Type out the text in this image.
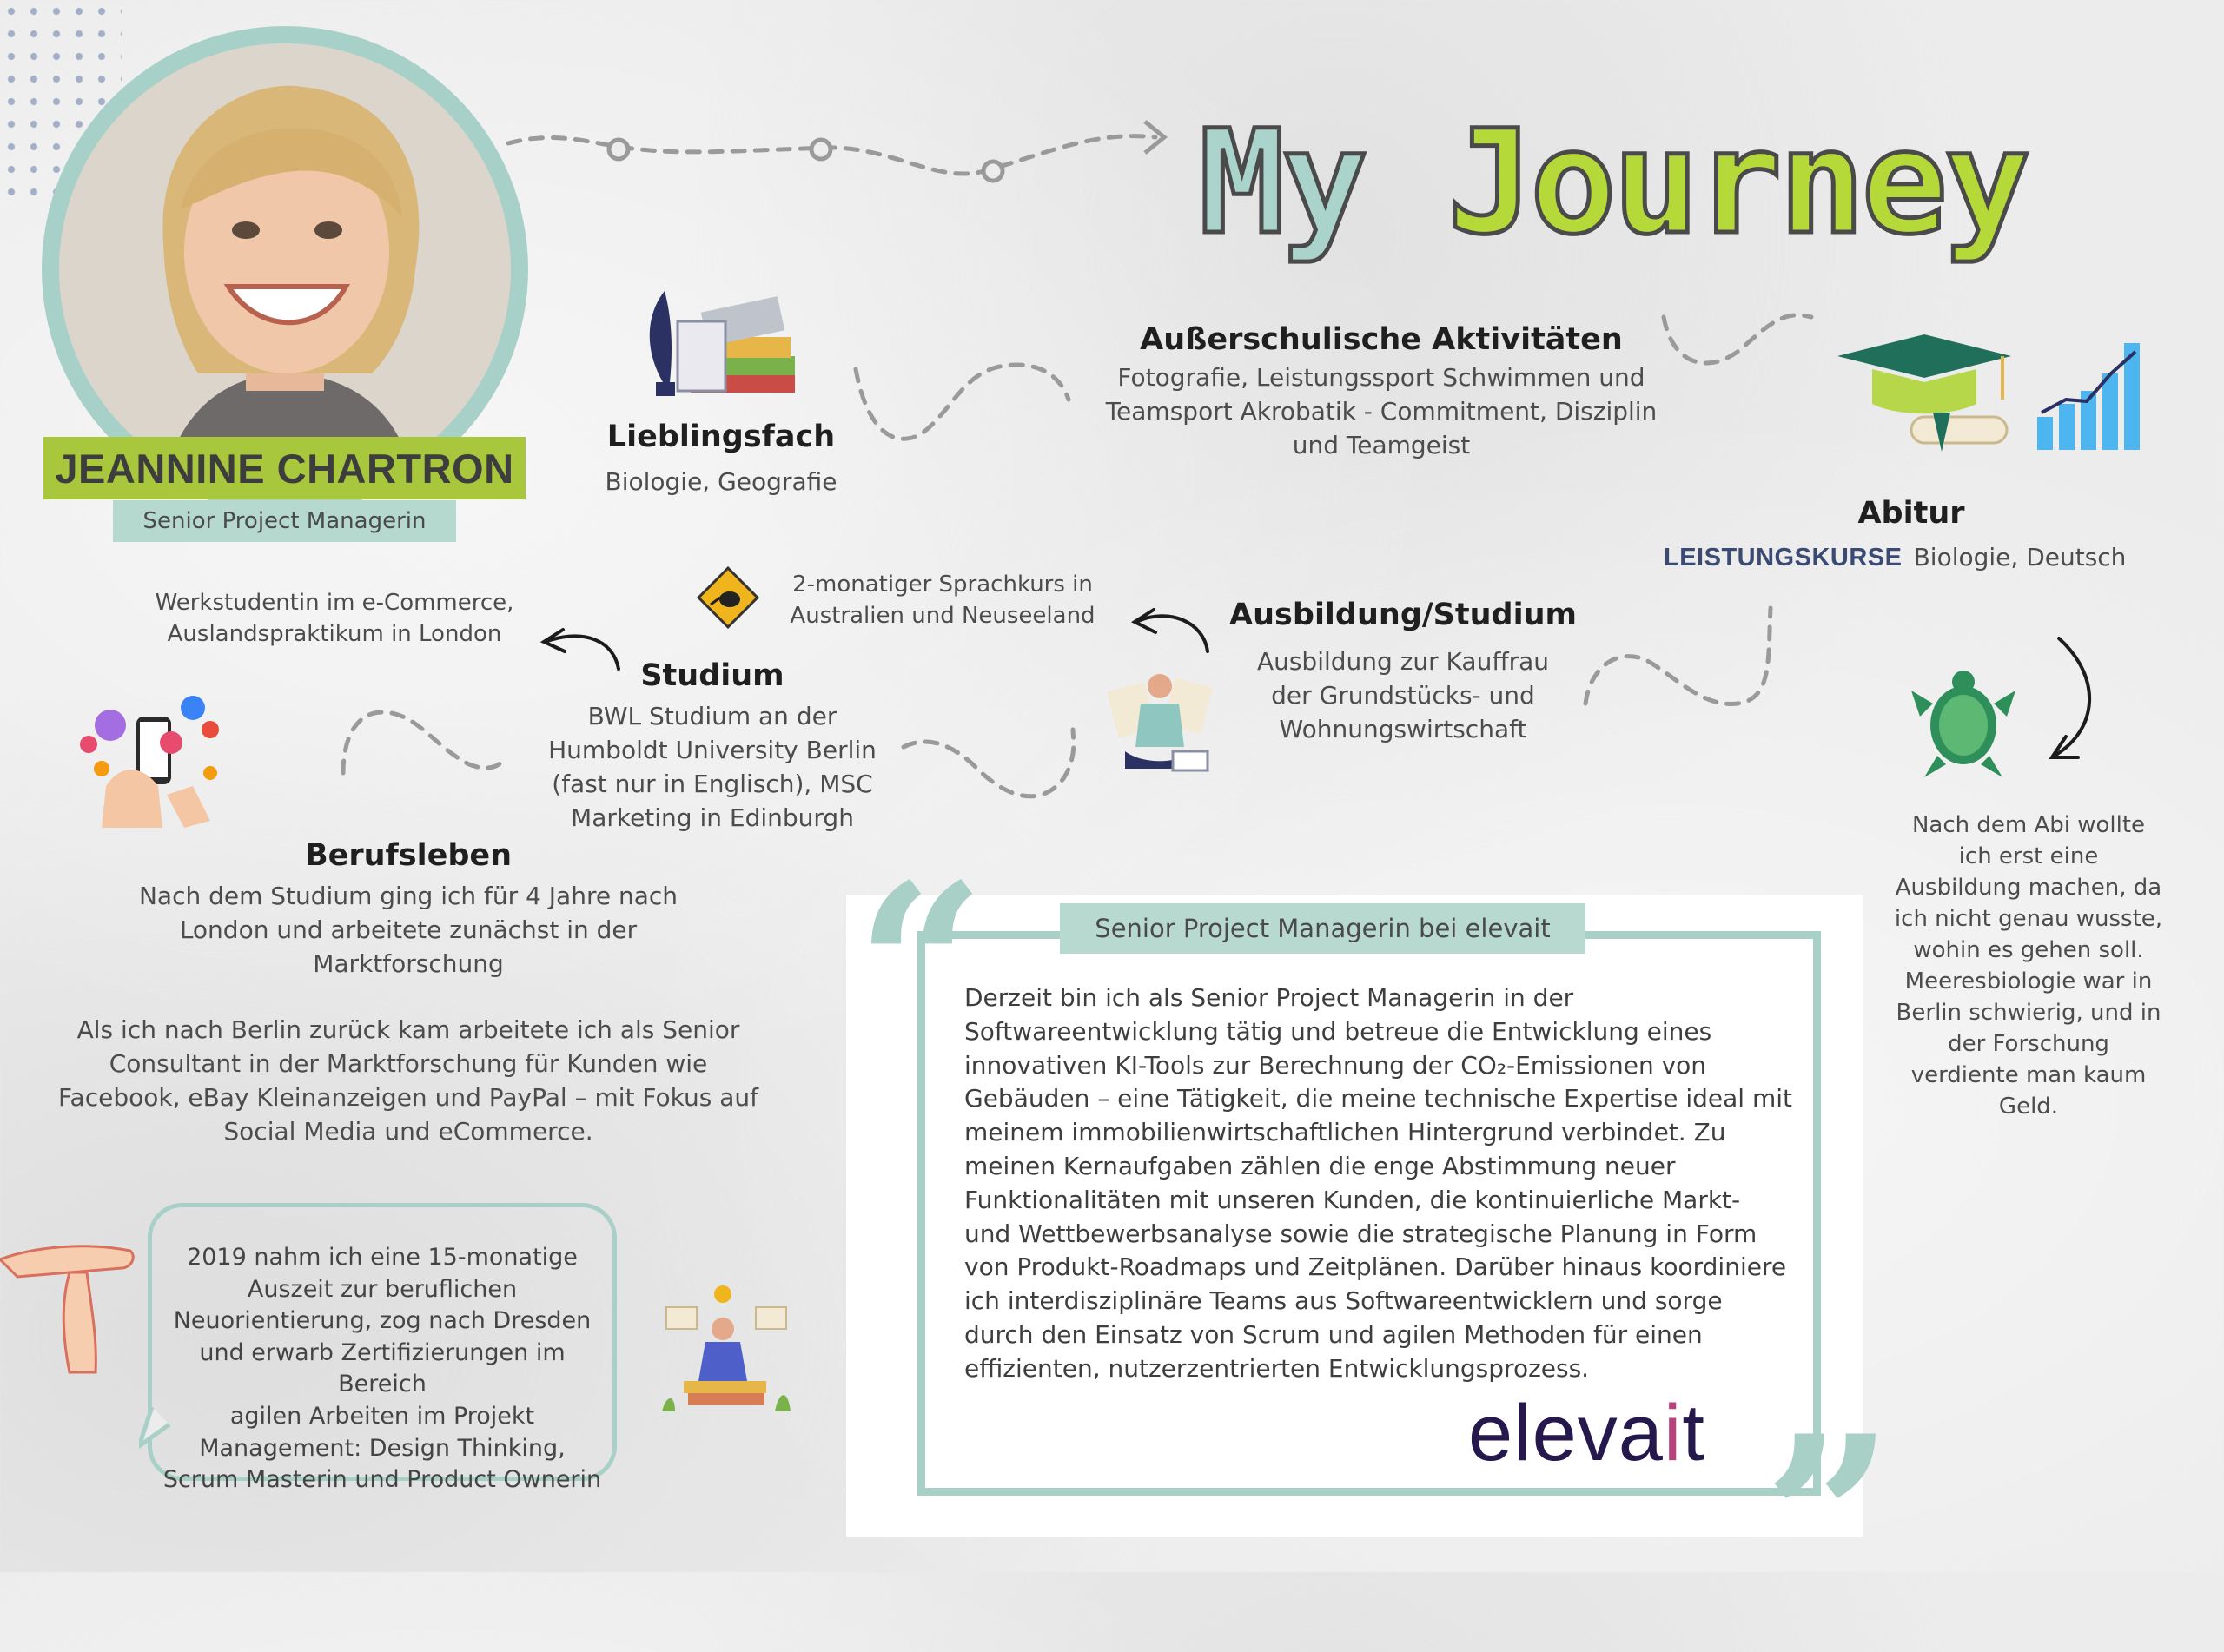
JEANNINE CHARTRON
Senior Project Managerin
My Journey
Lieblingsfach
Biologie, Geografie
Außerschulische Aktivitäten
Fotografie, Leistungssport Schwimmen und
Teamsport Akrobatik - Commitment, Disziplin
und Teamgeist
Abitur
LEISTUNGSKURSE Biologie, Deutsch
Ausbildung/Studium
Ausbildung zur Kauffrau
der Grundstücks- und
Wohnungswirtschaft
2-monatiger Sprachkurs in
Australien und Neuseeland
Werkstudentin im e-Commerce,
Auslandspraktikum in London
Studium
BWL Studium an der
Humboldt University Berlin
(fast nur in Englisch), MSC
Marketing in Edinburgh
Berufsleben
Nach dem Studium ging ich für 4 Jahre nach
London und arbeitete zunächst in der
Marktforschung
Als ich nach Berlin zurück kam arbeitete ich als Senior
Consultant in der Marktforschung für Kunden wie
Facebook, eBay Kleinanzeigen und PayPal – mit Fokus auf
Social Media und eCommerce.
2019 nahm ich eine 15-monatige
Auszeit zur beruflichen
Neuorientierung, zog nach Dresden
und erwarb Zertifizierungen im Bereich
agilen Arbeiten im Projekt
Management: Design Thinking,
Scrum Masterin und Product Ownerin
Nach dem Abi wollte
ich erst eine
Ausbildung machen, da
ich nicht genau wusste,
wohin es gehen soll.
Meeresbiologie war in
Berlin schwierig, und in
der Forschung
verdiente man kaum
Geld.
“
”
Senior Project Managerin bei elevait
Derzeit bin ich als Senior Project Managerin in der
Softwareentwicklung tätig und betreue die Entwicklung eines
innovativen KI-Tools zur Berechnung der CO₂-Emissionen von
Gebäuden – eine Tätigkeit, die meine technische Expertise ideal mit
meinem immobilienwirtschaftlichen Hintergrund verbindet. Zu
meinen Kernaufgaben zählen die enge Abstimmung neuer
Funktionalitäten mit unseren Kunden, die kontinuierliche Markt-
und Wettbewerbsanalyse sowie die strategische Planung in Form
von Produkt-Roadmaps und Zeitplänen. Darüber hinaus koordiniere
ich interdisziplinäre Teams aus Softwareentwicklern und sorge
durch den Einsatz von Scrum und agilen Methoden für einen
effizienten, nutzerzentrierten Entwicklungsprozess.
elevait
